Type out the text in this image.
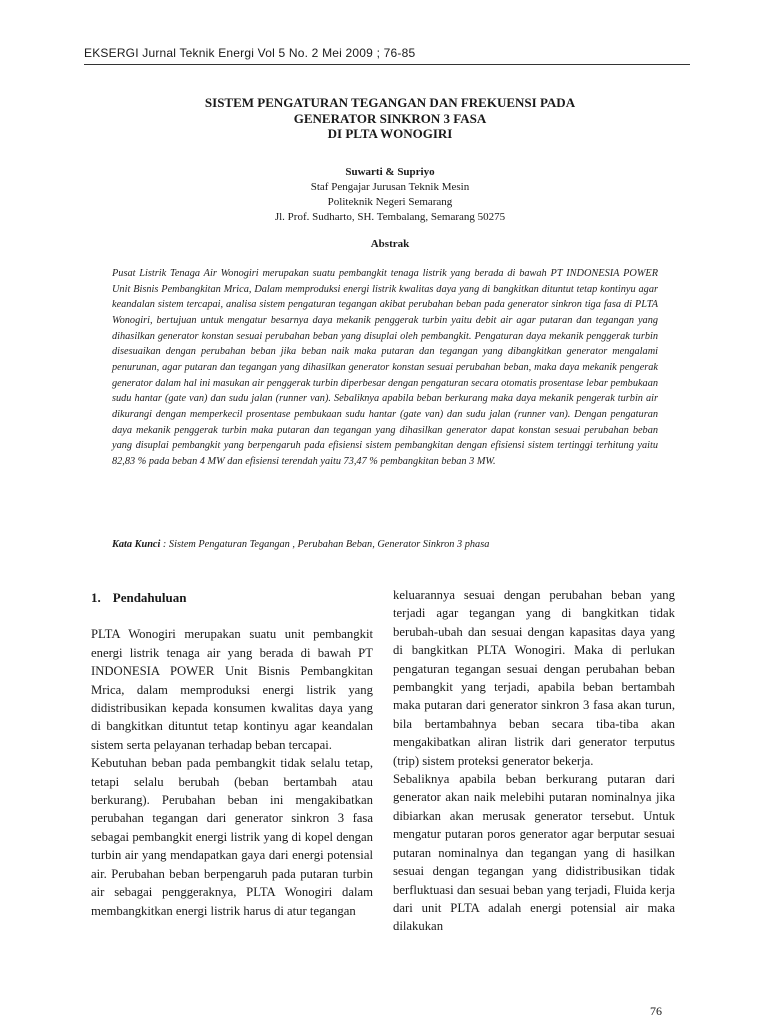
EKSERGI Jurnal Teknik Energi Vol 5 No. 2 Mei 2009 ; 76-85
SISTEM PENGATURAN TEGANGAN DAN FREKUENSI PADA
GENERATOR SINKRON 3 FASA
DI PLTA WONOGIRI
Suwarti & Supriyo
Staf Pengajar Jurusan Teknik Mesin
Politeknik Negeri Semarang
Jl. Prof. Sudharto, SH. Tembalang, Semarang 50275
Abstrak

Pusat Listrik Tenaga Air Wonogiri merupakan suatu pembangkit tenaga listrik yang berada di bawah PT INDONESIA POWER Unit Bisnis Pembangkitan Mrica, Dalam memproduksi energi listrik kwalitas daya yang di bangkitkan dituntut tetap kontinyu agar keandalan sistem tercapai, analisa sistem pengaturan tegangan akibat perubahan beban pada generator sinkron tiga fasa di PLTA Wonogiri, bertujuan untuk mengatur besarnya daya mekanik penggerak turbin yaitu debit air agar putaran dan tegangan yang dihasilkan generator konstan sesuai perubahan beban yang disuplai oleh pembangkit. Pengaturan daya mekanik penggerak turbin disesuaikan dengan perubahan beban jika beban naik maka putaran dan tegangan yang dibangkitkan generator mengalami penurunan, agar putaran dan tegangan yang dihasilkan generator konstan sesuai perubahan beban, maka daya mekanik pengerak generator dalam hal ini masukan air penggerak turbin diperbesar dengan pengaturan secara otomatis prosentase lebar pembukaan sudu hantar (gate van) dan sudu jalan (runner van). Sebaliknya apabila beban berkurang maka daya mekanik pengerak turbin air dikurangi dengan memperkecil prosentase pembukaan sudu hantar (gate van) dan sudu jalan (runner van). Dengan pengaturan daya mekanik penggerak turbin maka putaran dan tegangan yang dihasilkan generator dapat konstan sesuai perubahan beban yang disuplai pembangkit yang berpengaruh pada efisiensi sistem pembangkitan dengan efisiensi sistem tertinggi terhitung yaitu 82,83 % pada beban 4 MW dan efisiensi terendah yaitu 73,47 % pembangkitan beban 3 MW.

Kata Kunci : Sistem Pengaturan Tegangan , Perubahan Beban, Generator Sinkron 3 phasa
1. Pendahuluan

PLTA Wonogiri merupakan suatu unit pembangkit energi listrik tenaga air yang berada di bawah PT INDONESIA POWER Unit Bisnis Pembangkitan Mrica, dalam memproduksi energi listrik yang didistribusikan kepada konsumen kwalitas daya yang di bangkitkan dituntut tetap kontinyu agar keandalan sistem serta pelayanan terhadap beban tercapai.

Kebutuhan beban pada pembangkit tidak selalu tetap, tetapi selalu berubah (beban bertambah atau berkurang). Perubahan beban ini mengakibatkan perubahan tegangan dari generator sinkron 3 fasa sebagai pembangkit energi listrik yang di kopel dengan turbin air yang mendapatkan gaya dari energi potensial air. Perubahan beban berpengaruh pada putaran turbin air sebagai penggeraknya, PLTA Wonogiri dalam membangkitkan energi listrik harus di atur tegangan

keluarannya sesuai dengan perubahan beban yang terjadi agar tegangan yang di bangkitkan tidak berubah-ubah dan sesuai dengan kapasitas daya yang di bangkitkan PLTA Wonogiri. Maka di perlukan pengaturan tegangan sesuai dengan perubahan beban pembangkit yang terjadi, apabila beban bertambah maka putaran dari generator sinkron 3 fasa akan turun, bila bertambahnya beban secara tiba-tiba akan mengakibatkan aliran listrik dari generator terputus (trip) sistem proteksi generator bekerja.

Sebaliknya apabila beban berkurang putaran dari generator akan naik melebihi putaran nominalnya jika dibiarkan akan merusak generator tersebut. Untuk mengatur putaran poros generator agar berputar sesuai putaran nominalnya dan tegangan yang di hasilkan sesuai dengan tegangan yang didistribusikan tidak berfluktuasi dan sesuai beban yang terjadi, Fluida kerja dari unit PLTA adalah energi potensial air maka dilakukan

76
